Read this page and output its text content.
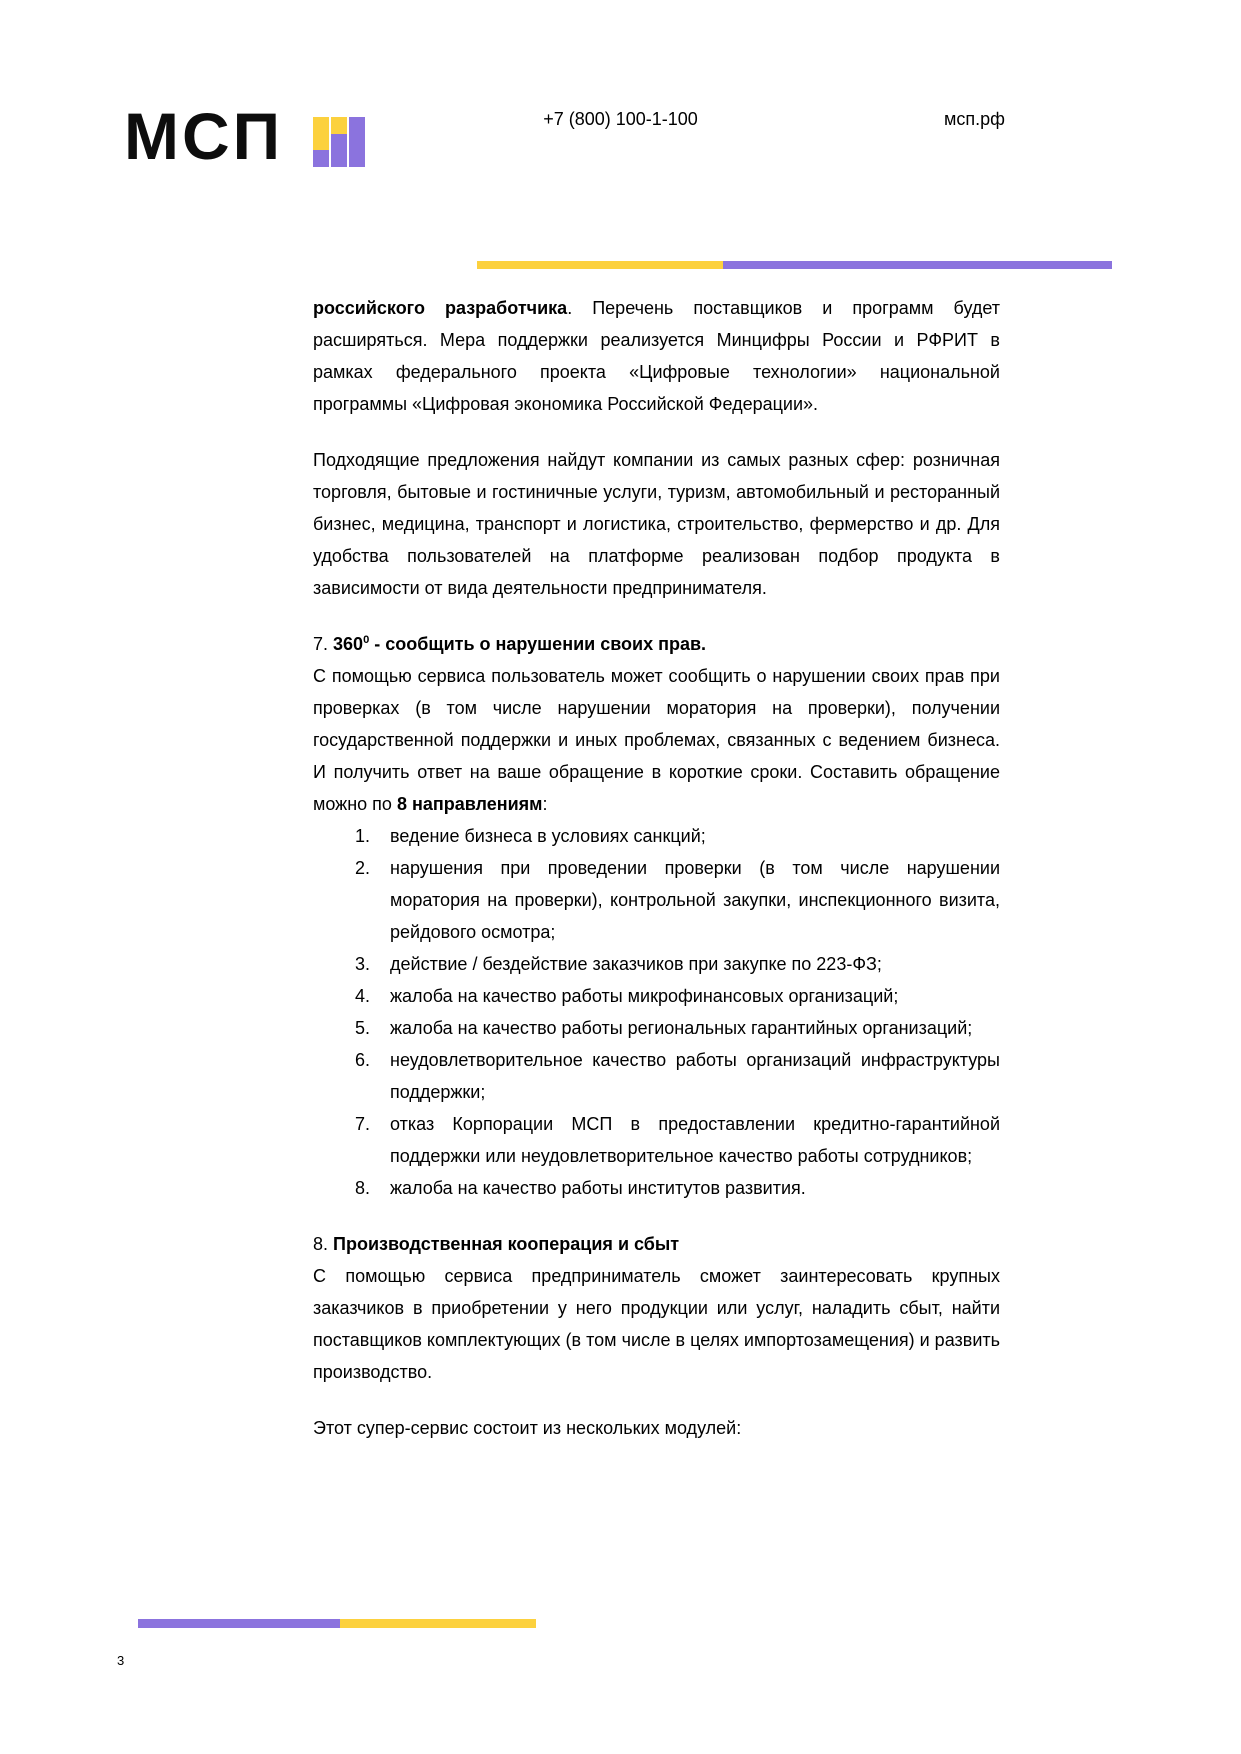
МСП	+7 (800) 100-1-100	мсп.рф

российского разработчика. Перечень поставщиков и программ будет расширяться. Мера поддержки реализуется Минцифры России и РФРИТ в рамках федерального проекта «Цифровые технологии» национальной программы «Цифровая экономика Российской Федерации».

Подходящие предложения найдут компании из самых разных сфер: розничная торговля, бытовые и гостиничные услуги, туризм, автомобильный и ресторанный бизнес, медицина, транспорт и логистика, строительство, фермерство и др. Для удобства пользователей на платформе реализован подбор продукта в зависимости от вида деятельности предпринимателя.

7. $360^0$ - сообщить о нарушении своих прав.

С помощью сервиса пользователь может сообщить о нарушении своих прав при проверках (в том числе нарушении моратория на проверки), получении государственной поддержки и иных проблемах, связанных с ведением бизнеса. И получить ответ на ваше обращение в короткие сроки. Составить обращение можно по 8 направлениям:

1.	ведение бизнеса в условиях санкций;
2.	нарушения при проведении проверки (в том числе нарушении моратория на проверки), контрольной закупки, инспекционного визита, рейдового осмотра;
3.	действие / бездействие заказчиков при закупке по 223-ФЗ;
4.	жалоба на качество работы микрофинансовых организаций;
5.	жалоба на качество работы региональных гарантийных организаций;
6.	неудовлетворительное качество работы организаций инфраструктуры поддержки;
7.	отказ Корпорации МСП в предоставлении кредитно-гарантийной поддержки или неудовлетворительное качество работы сотрудников;
8.	жалоба на качество работы институтов развития.

8. Производственная кооперация и сбыт

С помощью сервиса предприниматель сможет заинтересовать крупных заказчиков в приобретении у него продукции или услуг, наладить сбыт, найти поставщиков комплектующих (в том числе в целях импортозамещения) и развить производство.

Этот супер-сервис состоит из нескольких модулей:

3
